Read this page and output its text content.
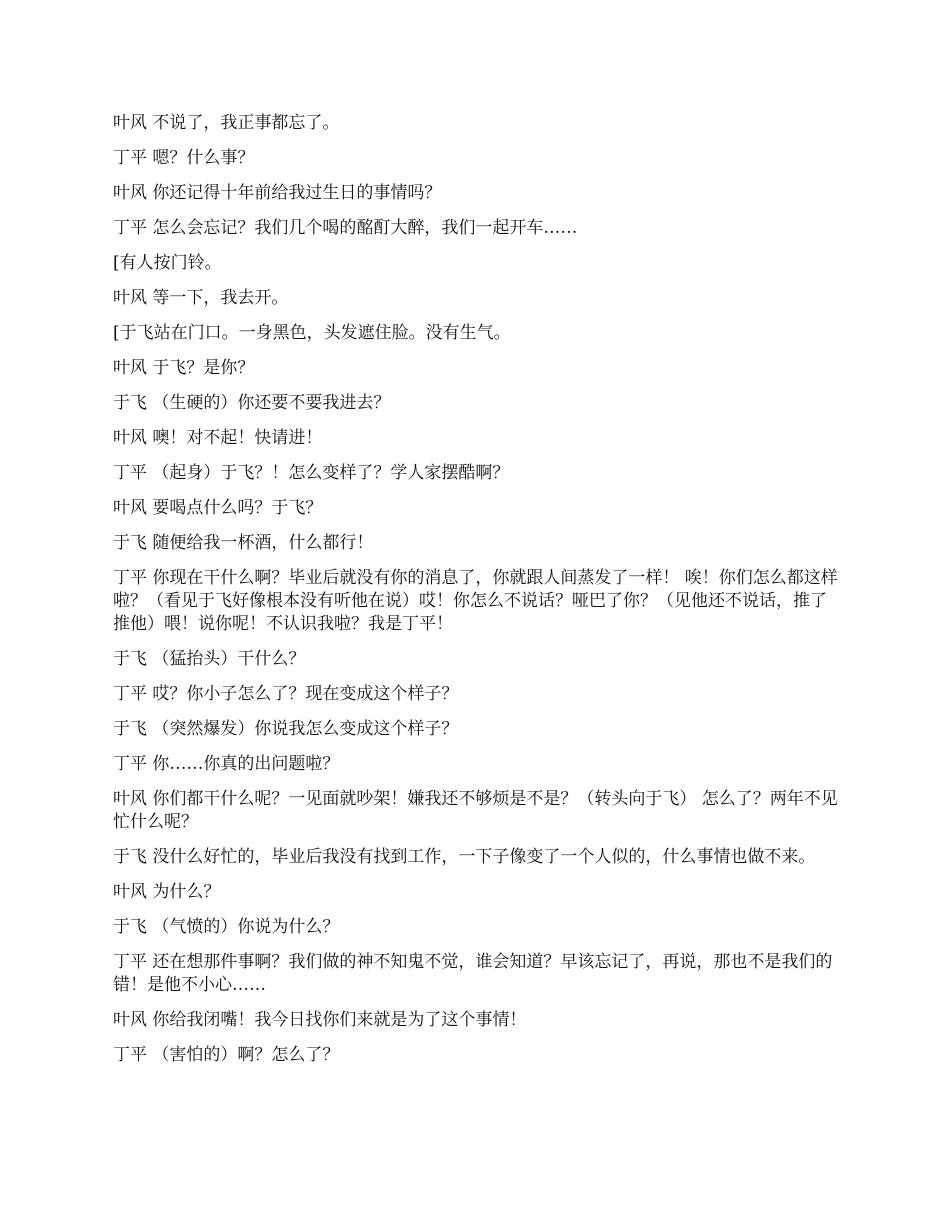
叶风 不说了，我正事都忘了。

丁平 嗯？什么事？

叶风 你还记得十年前给我过生日的事情吗？

丁平 怎么会忘记？我们几个喝的酩酊大醉，我们一起开车……

[有人按门铃。

叶风 等一下，我去开。

[于飞站在门口。一身黑色，头发遮住脸。没有生气。

叶风 于飞？是你？

于飞 （生硬的）你还要不要我进去？

叶风 噢！对不起！快请进！

丁平 （起身）于飞？！怎么变样了？学人家摆酷啊？

叶风 要喝点什么吗？于飞？

于飞 随便给我一杯酒，什么都行！

丁平 你现在干什么啊？毕业后就没有你的消息了，你就跟人间蒸发了一样！ 唉！你们怎么都这样啦？（看见于飞好像根本没有听他在说）哎！你怎么不说话？哑巴了你？（见他还不说话，推了推他）喂！说你呢！不认识我啦？我是丁平！

于飞 （猛抬头）干什么？

丁平 哎？你小子怎么了？现在变成这个样子？

于飞 （突然爆发）你说我怎么变成这个样子？

丁平 你……你真的出问题啦？

叶风 你们都干什么呢？一见面就吵架！嫌我还不够烦是不是？（转头向于飞） 怎么了？两年不见忙什么呢？

于飞 没什么好忙的，毕业后我没有找到工作，一下子像变了一个人似的，什么事情也做不来。

叶风 为什么？

于飞 （气愤的）你说为什么？

丁平 还在想那件事啊？我们做的神不知鬼不觉，谁会知道？早该忘记了，再说，那也不是我们的错！是他不小心……

叶风 你给我闭嘴！我今日找你们来就是为了这个事情！

丁平 （害怕的）啊？怎么了？
